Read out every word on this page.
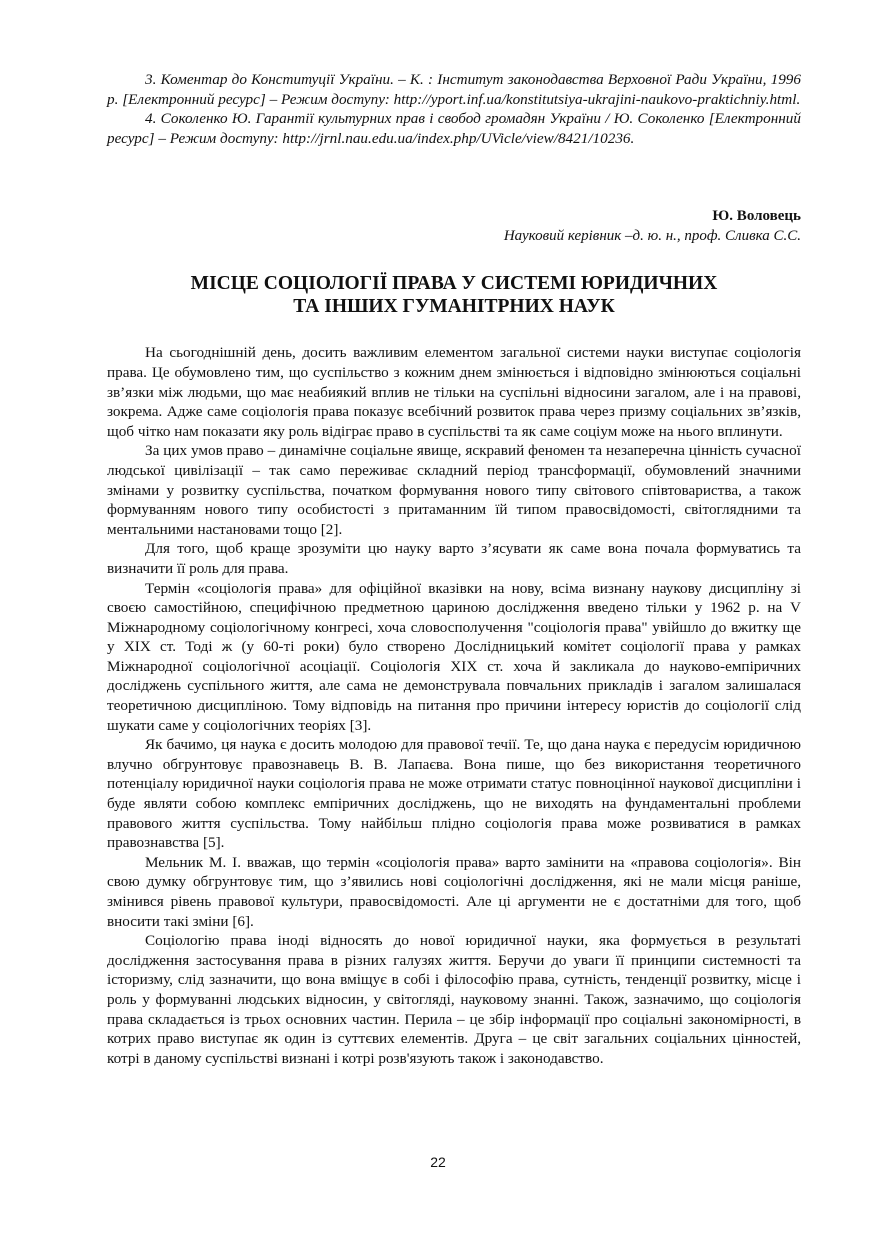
3. Коментар до Конституції України. – К. : Інститут законодавства Верховної Ради України, 1996 р. [Електронний ресурс] – Режим доступу: http://yport.inf.ua/konstitutsiya-ukrajini-naukovo-praktichniy.html.

4. Соколенко Ю. Гарантії культурних прав і свобод громадян України / Ю. Соколенко [Електронний ресурс] – Режим доступу: http://jrnl.nau.edu.ua/index.php/UVicle/view/8421/10236.

Ю. Воловець
Науковий керівник –д. ю. н., проф. Сливка С.С.
МІСЦЕ СОЦІОЛОГІЇ ПРАВА У СИСТЕМІ ЮРИДИЧНИХ
ТА ІНШИХ ГУМАНІТРНИХ НАУК

На сьогоднішній день, досить важливим елементом загальної системи науки виступає соціологія права. Це обумовлено тим, що суспільство з кожним днем змінюється і відповідно змінюються соціальні зв’язки між людьми, що має неабиякий вплив не тільки на суспільні відносини загалом, але і на правові, зокрема. Адже саме соціологія права показує всебічний розвиток права через призму соціальних зв’язків, щоб чітко нам показати яку роль відіграє право в суспільстві та як саме соціум може на нього вплинути.

За цих умов право – динамічне соціальне явище, яскравий феномен та незаперечна цінність сучасної людської цивілізації – так само переживає складний період трансформації, обумовлений значними змінами у розвитку суспільства, початком формування нового типу світового співтовариства, а також формуванням нового типу особистості з притаманним їй типом правосвідомості, світоглядними та ментальними настановами тощо [2].

Для того, щоб краще зрозуміти цю науку варто з’ясувати як саме вона почала формуватись та визначити її роль для права.

Термін «соціологія права» для офіційної вказівки на нову, всіма визнану наукову дисципліну зі своєю самостійною, специфічною предметною цариною дослідження введено тільки у 1962 р. на V Міжнародному соціологічному конгресі, хоча словосполучення "соціологія права" увійшло до вжитку ще у XIX ст. Тоді ж (у 60-ті роки) було створено Дослідницький комітет соціології права у рамках Міжнародної соціологічної асоціації. Соціологія XIX ст. хоча й закликала до науково-емпіричних досліджень суспільного життя, але сама не демонструвала повчальних прикладів і загалом залишалася теоретичною дисципліною. Тому відповідь на питання про причини інтересу юристів до соціології слід шукати саме у соціологічних теоріях [3].

Як бачимо, ця наука є досить молодою для правової течії. Те, що дана наука є передусім юридичною влучно обгрунтовує правознавець В. В. Лапаєва. Вона пише, що без використання теоретичного потенціалу юридичної науки соціологія права не може отримати статус повноцінної наукової дисципліни і буде являти собою комплекс емпіричних досліджень, що не виходять на фундаментальні проблеми правового життя суспільства. Тому найбільш плідно соціологія права може розвиватися в рамках правознавства [5].

Мельник М. І. вважав, що термін «соціологія права» варто замінити на «правова соціологія». Він свою думку обгрунтовує тим, що з’явились нові соціологічні дослідження, які не мали місця раніше, змінився рівень правової культури, правосвідомості. Але ці аргументи не є достатніми для того, щоб вносити такі зміни [6].

Соціологію права іноді відносять до нової юридичної науки, яка формується в результаті дослідження застосування права в різних галузях життя. Беручи до уваги її принципи системності та історизму, слід зазначити, що вона вміщує в собі і філософію права, сутність, тенденції розвитку, місце і роль у формуванні людських відносин, у світогляді, науковому знанні. Також, зазначимо, що соціологія права складається із трьох основних частин. Перила – це збір інформації про соціальні закономірності, в котрих право виступає як один із суттєвих елементів. Друга – це світ загальних соціальних цінностей, котрі в даному суспільстві визнані і котрі розв'язують також і законодавство.

22
